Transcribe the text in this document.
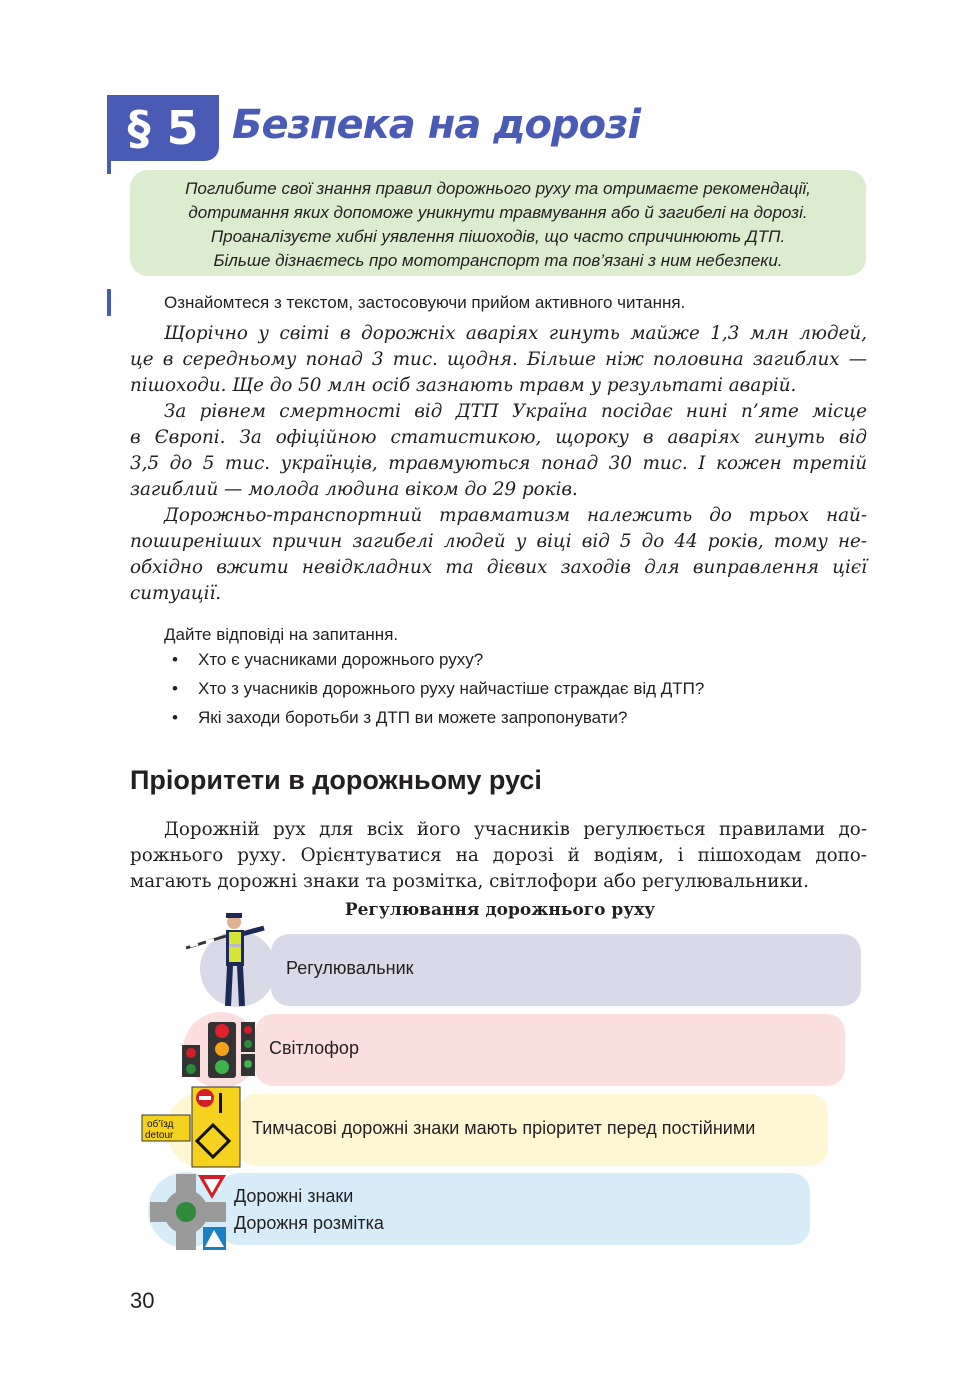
§ 5 Безпека на дорозі
Поглибите свої знання правил дорожнього руху та отримаєте рекомендації,
дотримання яких допоможе уникнути травмування або й загибелі на дорозі.
Проаналізуєте хибні уявлення пішоходів, що часто спричинюють ДТП.
Більше дізнаєтесь про мототранспорт та пов’язані з ним небезпеки.
Ознайомтеся з текстом, застосовуючи прийом активного читання.
Щорічно у світі в дорожніх аваріях гинуть майже 1,3 млн людей,
це в середньому понад 3 тис. щодня. Більше ніж половина загиблих —
пішоходи. Ще до 50 млн осіб зазнають травм у результаті аварій.
За рівнем смертності від ДТП Україна посідає нині п’яте місце
в Європі. За офіційною статистикою, щороку в аваріях гинуть від
3,5 до 5 тис. українців, травмуються понад 30 тис. І кожен третій
загиблий — молода людина віком до 29 років.
Дорожньо-транспортний травматизм належить до трьох най-
поширеніших причин загибелі людей у віці від 5 до 44 років, тому не-
обхідно вжити невідкладних та дієвих заходів для виправлення цієї
ситуації.
Дайте відповіді на запитання.
• Хто є учасниками дорожнього руху?
• Хто з учасників дорожнього руху найчастіше страждає від ДТП?
• Які заходи боротьби з ДТП ви можете запропонувати?
Пріоритети в дорожньому русі
Дорожній рух для всіх його учасників регулюється правилами до-
рожнього руху. Орієнтуватися на дорозі й водіям, і пішоходам допо-
магають дорожні знаки та розмітка, світлофори або регулювальники.
Регулювання дорожнього руху
Регулювальник
Світлофор
Тимчасові дорожні знаки мають пріоритет перед постійними
Дорожні знаки
Дорожня розмітка
об’їзд
detour
30
